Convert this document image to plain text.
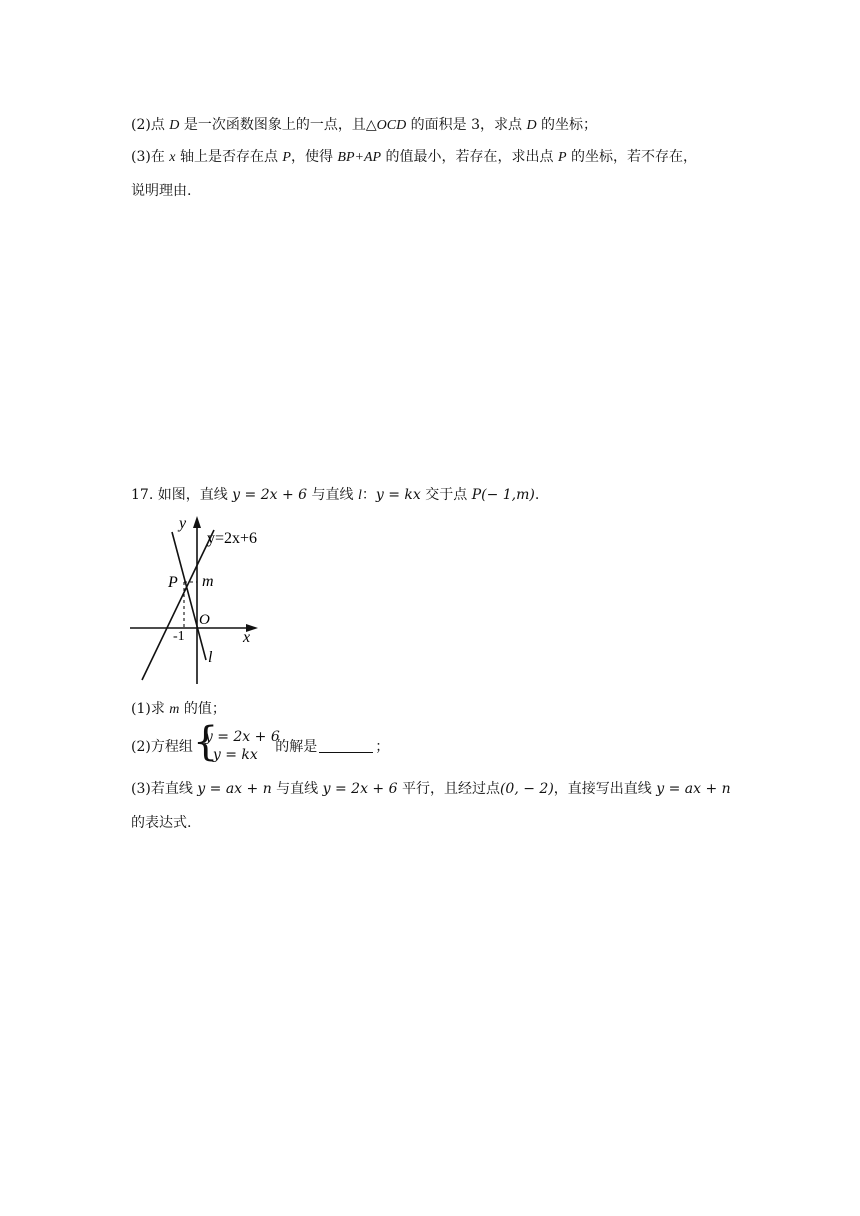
(2)点 D 是一次函数图象上的一点，且△OCD 的面积是 3，求点 D 的坐标；
(3)在 x 轴上是否存在点 P，使得 BP+AP 的值最小，若存在，求出点 P 的坐标，若不存在，
说明理由.
17. 如图，直线 y = 2x + 6 与直线 l：y = kx 交于点 P(− 1,m).
y
x
y=2x+6
P m
O
-1
l
(1)求 m 的值；
(2)方程组 {
y = 2x + 6
y = kx 的解是	；
(3)若直线 y = ax + n 与直线 y = 2x + 6 平行，且经过点(0, − 2)，直接写出直线 y = ax + n
的表达式.
